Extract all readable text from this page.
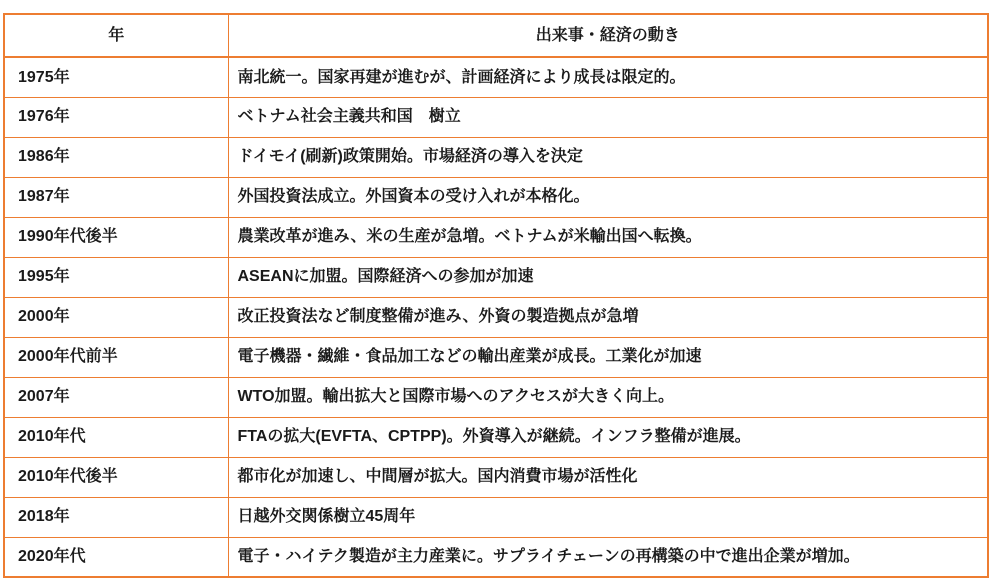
年	出来事・経済の動き
1975年	南北統一。国家再建が進むが、計画経済により成長は限定的。
1976年	ベトナム社会主義共和国　樹立
1986年	ドイモイ(刷新)政策開始。市場経済の導入を決定
1987年	外国投資法成立。外国資本の受け入れが本格化。
1990年代後半	農業改革が進み、米の生産が急増。ベトナムが米輸出国へ転換。
1995年	ASEANに加盟。国際経済への参加が加速
2000年	改正投資法など制度整備が進み、外資の製造拠点が急増
2000年代前半	電子機器・繊維・食品加工などの輸出産業が成長。工業化が加速
2007年	WTO加盟。輸出拡大と国際市場へのアクセスが大きく向上。
2010年代	FTAの拡大(EVFTA、CPTPP)。外資導入が継続。インフラ整備が進展。
2010年代後半	都市化が加速し、中間層が拡大。国内消費市場が活性化
2018年	日越外交関係樹立45周年
2020年代	電子・ハイテク製造が主力産業に。サプライチェーンの再構築の中で進出企業が増加。
